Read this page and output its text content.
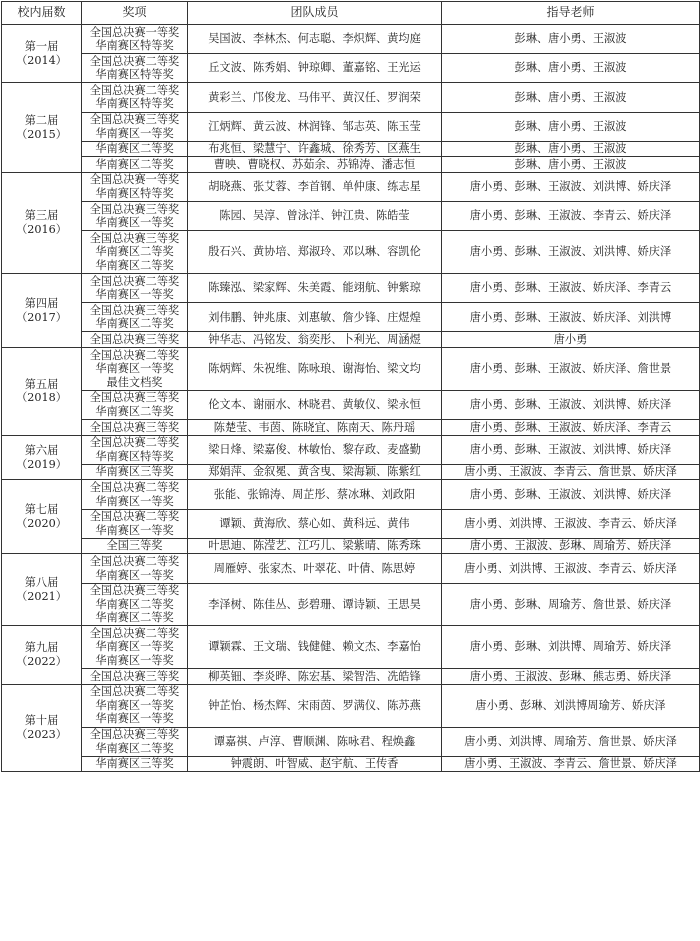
校内届数	奖项	团队成员	指导老师

第一届
（2014）	全国总决赛一等奖
华南赛区特等奖	吴国波、李林杰、何志聪、李炽辉、黄均庭	彭琳、唐小勇、王淑波

	全国总决赛二等奖
华南赛区特等奖	丘文波、陈秀娟、钟琼卿、董嘉铭、王光运	彭琳、唐小勇、王淑波

第二届
（2015）	全国总决赛二等奖
华南赛区特等奖	黄彩兰、邝俊龙、马伟平、黄汉任、罗润荣	彭琳、唐小勇、王淑波

	全国总决赛三等奖
华南赛区一等奖	江炳辉、黄云波、林润锋、邹志英、陈玉莹	彭琳、唐小勇、王淑波

	华南赛区二等奖	布兆恒、梁慧宁、许鑫城、徐秀芳、区燕生	彭琳、唐小勇、王淑波

	华南赛区二等奖	曹映、曹晓权、苏茹余、苏锦涛、潘志恒	彭琳、唐小勇、王淑波

第三届
（2016）	全国总决赛一等奖
华南赛区特等奖	胡晓燕、张艾蓉、李首钢、单仲康、练志星	唐小勇、彭琳、王淑波、刘洪博、娇庆泽

	全国总决赛三等奖
华南赛区一等奖	陈园、吴淳、曾泳洋、钟江贵、陈皓莹	唐小勇、彭琳、王淑波、李青云、娇庆泽

	全国总决赛三等奖
华南赛区二等奖
华南赛区二等奖	殷石兴、黄协培、郑淑玲、邓以琳、容凯伦	唐小勇、彭琳、王淑波、刘洪博、娇庆泽

第四届
（2017）	全国总决赛二等奖
华南赛区一等奖	陈臻泓、梁家辉、朱美霞、能翊航、钟紫琼	唐小勇、彭琳、王淑波、娇庆泽、李青云

	全国总决赛三等奖
华南赛区二等奖	刘伟鹏、钟兆康、刘惠敏、詹少锋、庄煜煌	唐小勇、彭琳、王淑波、娇庆泽、刘洪博

	全国总决赛三等奖	钟华志、冯铭发、翁奕彤、卜利光、周涵煜	唐小勇

第五届
（2018）	全国总决赛二等奖
华南赛区一等奖
最佳文档奖	陈炳辉、朱祝维、陈咏琅、谢海怡、梁文均	唐小勇、彭琳、王淑波、娇庆泽、詹世景

	全国总决赛三等奖
华南赛区二等奖	伦文本、谢丽水、林晓君、黄敏仪、梁永恒	唐小勇、彭琳、王淑波、刘洪博、娇庆泽

	全国总决赛三等奖	陈楚莹、韦茵、陈晓宜、陈南天、陈丹瑶	唐小勇、彭琳、王淑波、娇庆泽、李青云

第六届
（2019）	全国总决赛二等奖
华南赛区特等奖	梁日烽、梁嘉俊、林敏怡、黎存政、麦盛勤	唐小勇、彭琳、王淑波、刘洪博、娇庆泽

	华南赛区三等奖	郑娟萍、金叙冕、黄含曳、梁海颖、陈紫红	唐小勇、王淑波、李青云、詹世景、娇庆泽

第七届
（2020）	全国总决赛二等奖
华南赛区一等奖	张能、张锦涛、周芷彤、蔡冰琳、刘政阳	唐小勇、彭琳、王淑波、刘洪博、娇庆泽

	全国总决赛二等奖
华南赛区一等奖	谭颖、黄海欣、蔡心如、黄科远、黄伟	唐小勇、刘洪博、王淑波、李青云、娇庆泽

	全国三等奖	叶思迪、陈滢艺、江巧儿、梁紫晴、陈秀珠	唐小勇、王淑波、彭琳、周瑜芳、娇庆泽

第八届
（2021）	全国总决赛二等奖
华南赛区一等奖	周雁婷、张家杰、叶翠花、叶倩、陈思婷	唐小勇、刘洪博、王淑波、李青云、娇庆泽

	全国总决赛三等奖
华南赛区二等奖
华南赛区二等奖	李泽树、陈佳丛、彭碧珊、谭诗颖、王思昊	唐小勇、彭琳、周瑜芳、詹世景、娇庆泽

第九届
（2022）	全国总决赛二等奖
华南赛区一等奖
华南赛区一等奖	谭颖霖、王文瑞、钱健健、赖文杰、李嘉怡	唐小勇、彭琳、刘洪博、周瑜芳、娇庆泽

	全国总决赛三等奖	柳英钿、李炎晔、陈宏基、梁智浩、冼皓锋	唐小勇、王淑波、彭琳、熊志勇、娇庆泽

第十届
（2023）	全国总决赛二等奖
华南赛区一等奖
华南赛区一等奖	钟芷怡、杨杰辉、宋雨茵、罗满仪、陈苏燕	唐小勇、彭琳、刘洪博周瑜芳、娇庆泽

	全国总决赛三等奖
华南赛区二等奖	谭嘉祺、卢淳、曹顺渊、陈咏君、程焕鑫	唐小勇、刘洪博、周瑜芳、詹世景、娇庆泽

	华南赛区三等奖	钟震朗、叶智威、赵宇航、王传香	唐小勇、王淑波、李青云、詹世景、娇庆泽
